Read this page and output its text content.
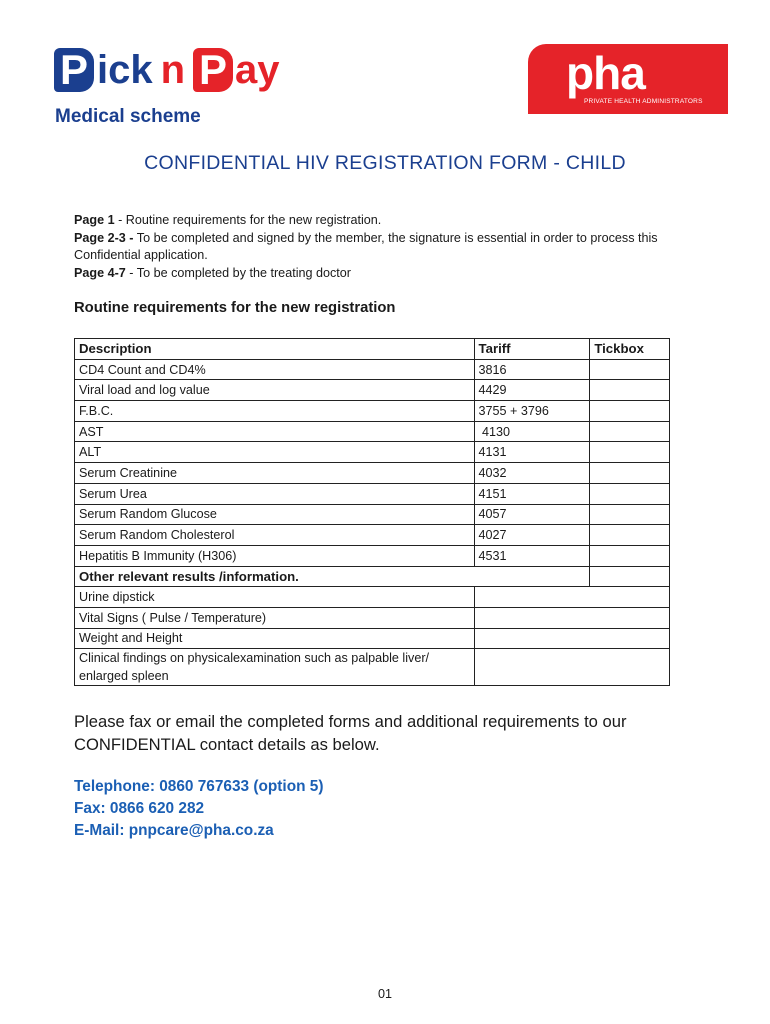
P ick n P ay
Medical scheme
pha
PRIVATE HEALTH ADMINISTRATORS
CONFIDENTIAL HIV REGISTRATION FORM - CHILD

Page 1 - Routine requirements for the new registration.

Page 2-3 - To be completed and signed by the member, the signature is essential in order to process this Confidential application.

Page 4-7 - To be completed by the treating doctor

Routine requirements for the new registration
Description	Tariff	Tickbox
CD4 Count and CD4%	3816	
Viral load and log value	4429	
F.B.C.	3755 + 3796	
AST	4130	
ALT	4131	
Serum Creatinine	4032	
Serum Urea	4151	
Serum Random Glucose	4057	
Serum Random Cholesterol	4027	
Hepatitis B Immunity (H306)	4531	
Other relevant results /information.		
Urine dipstick		
Vital Signs ( Pulse / Temperature)		
Weight and Height		
Clinical findings on physicalexamination such as palpable liver/ enlarged spleen		
Please fax or email the completed forms and additional requirements to our CONFIDENTIAL contact details as below.
Telephone: 0860 767633 (option 5)
Fax: 0866 620 282
E-Mail: pnpcare@pha.co.za
01
